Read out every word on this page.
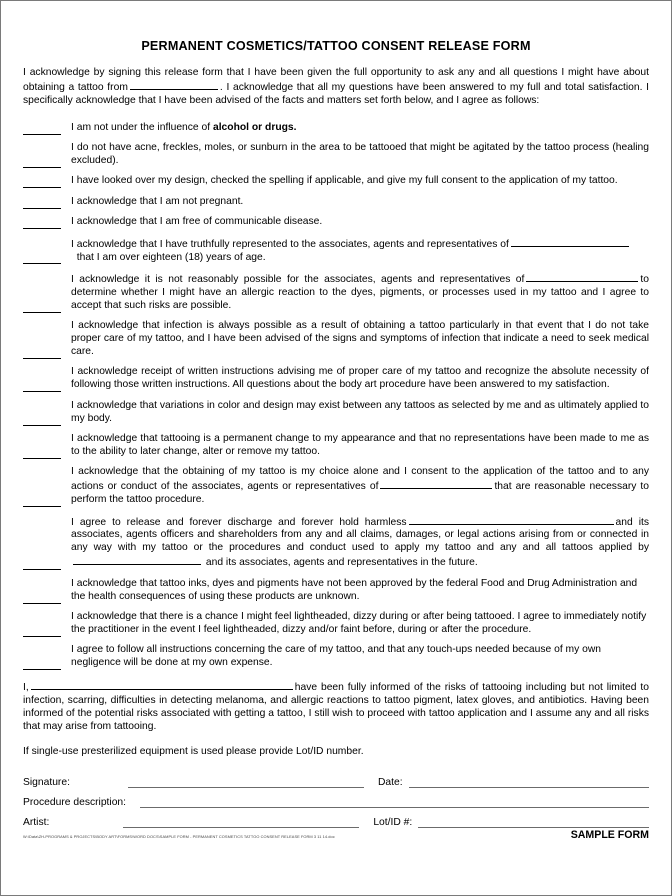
PERMANENT COSMETICS/TATTOO CONSENT RELEASE FORM

I acknowledge by signing this release form that I have been given the full opportunity to ask any and all questions I might have about obtaining a tattoo from	. I acknowledge that all my questions have been answered to my full and total satisfaction. I specifically acknowledge that I have been advised of the facts and matters set forth below, and I agree as follows:

I am not under the influence of alcohol or drugs.
I do not have acne, freckles, moles, or sunburn in the area to be tattooed that might be agitated by the tattoo process (healing excluded).
I have looked over my design, checked the spelling if applicable, and give my full consent to the application of my tattoo.
I acknowledge that I am not pregnant.
I acknowledge that I am free of communicable disease.
I acknowledge that I have truthfully represented to the associates, agents and representatives of  that I am over eighteen (18) years of age.
I acknowledge it is not reasonably possible for the associates, agents and representatives of	to determine whether I might have an allergic reaction to the dyes, pigments, or processes used in my tattoo and I agree to accept that such risks are possible.
I acknowledge that infection is always possible as a result of obtaining a tattoo particularly in that event that I do not take proper care of my tattoo, and I have been advised of the signs and symptoms of infection that indicate a need to seek medical care.
I acknowledge receipt of written instructions advising me of proper care of my tattoo and recognize the absolute necessity of following those written instructions. All questions about the body art procedure have been answered to my satisfaction.
I acknowledge that variations in color and design may exist between any tattoos as selected by me and as ultimately applied to my body.
I acknowledge that tattooing is a permanent change to my appearance and that no representations have been made to me as to the ability to later change, alter or remove my tattoo.
I acknowledge that the obtaining of my tattoo is my choice alone and I consent to the application of the tattoo and to any actions or conduct of the associates, agents or representatives of	that are reasonable necessary to perform the tattoo procedure.
I agree to release and forever discharge and forever hold harmless	and its associates, agents officers and shareholders from any and all claims, damages, or legal actions arising from or connected in any way with my tattoo or the procedures and conduct used to apply my tattoo and any and all tattoos applied by and its associates, agents and representatives in the future.
I acknowledge that tattoo inks, dyes and pigments have not been approved by the federal Food and Drug Administration and the health consequences of using these products are unknown.
I acknowledge that there is a chance I might feel lightheaded, dizzy during or after being tattooed. I agree to immediately notify the practitioner in the event I feel lightheaded, dizzy and/or faint before, during or after the procedure.
I agree to follow all instructions concerning the care of my tattoo, and that any touch-ups needed because of my own negligence will be done at my own expense.

I,	have been fully informed of the risks of tattooing including but not limited to infection, scarring, difficulties in detecting melanoma, and allergic reactions to tattoo pigment, latex gloves, and antibiotics. Having been informed of the potential risks associated with getting a tattoo, I still wish to proceed with tattoo application and I assume any and all risks that may arise from tattooing.

If single-use presterilized equipment is used please provide Lot/ID number.

Signature:	Date:
Procedure description:
Artist:	Lot/ID #:
W:\Data\ZH-PROGRAMS & PROJECTS\BODY ART\FORMS\WORD DOCS\SAMPLE FORM - PERMANENT COSMETICS TATTOO CONSENT RELEASE FORM 3 11 14.doc	SAMPLE FORM
